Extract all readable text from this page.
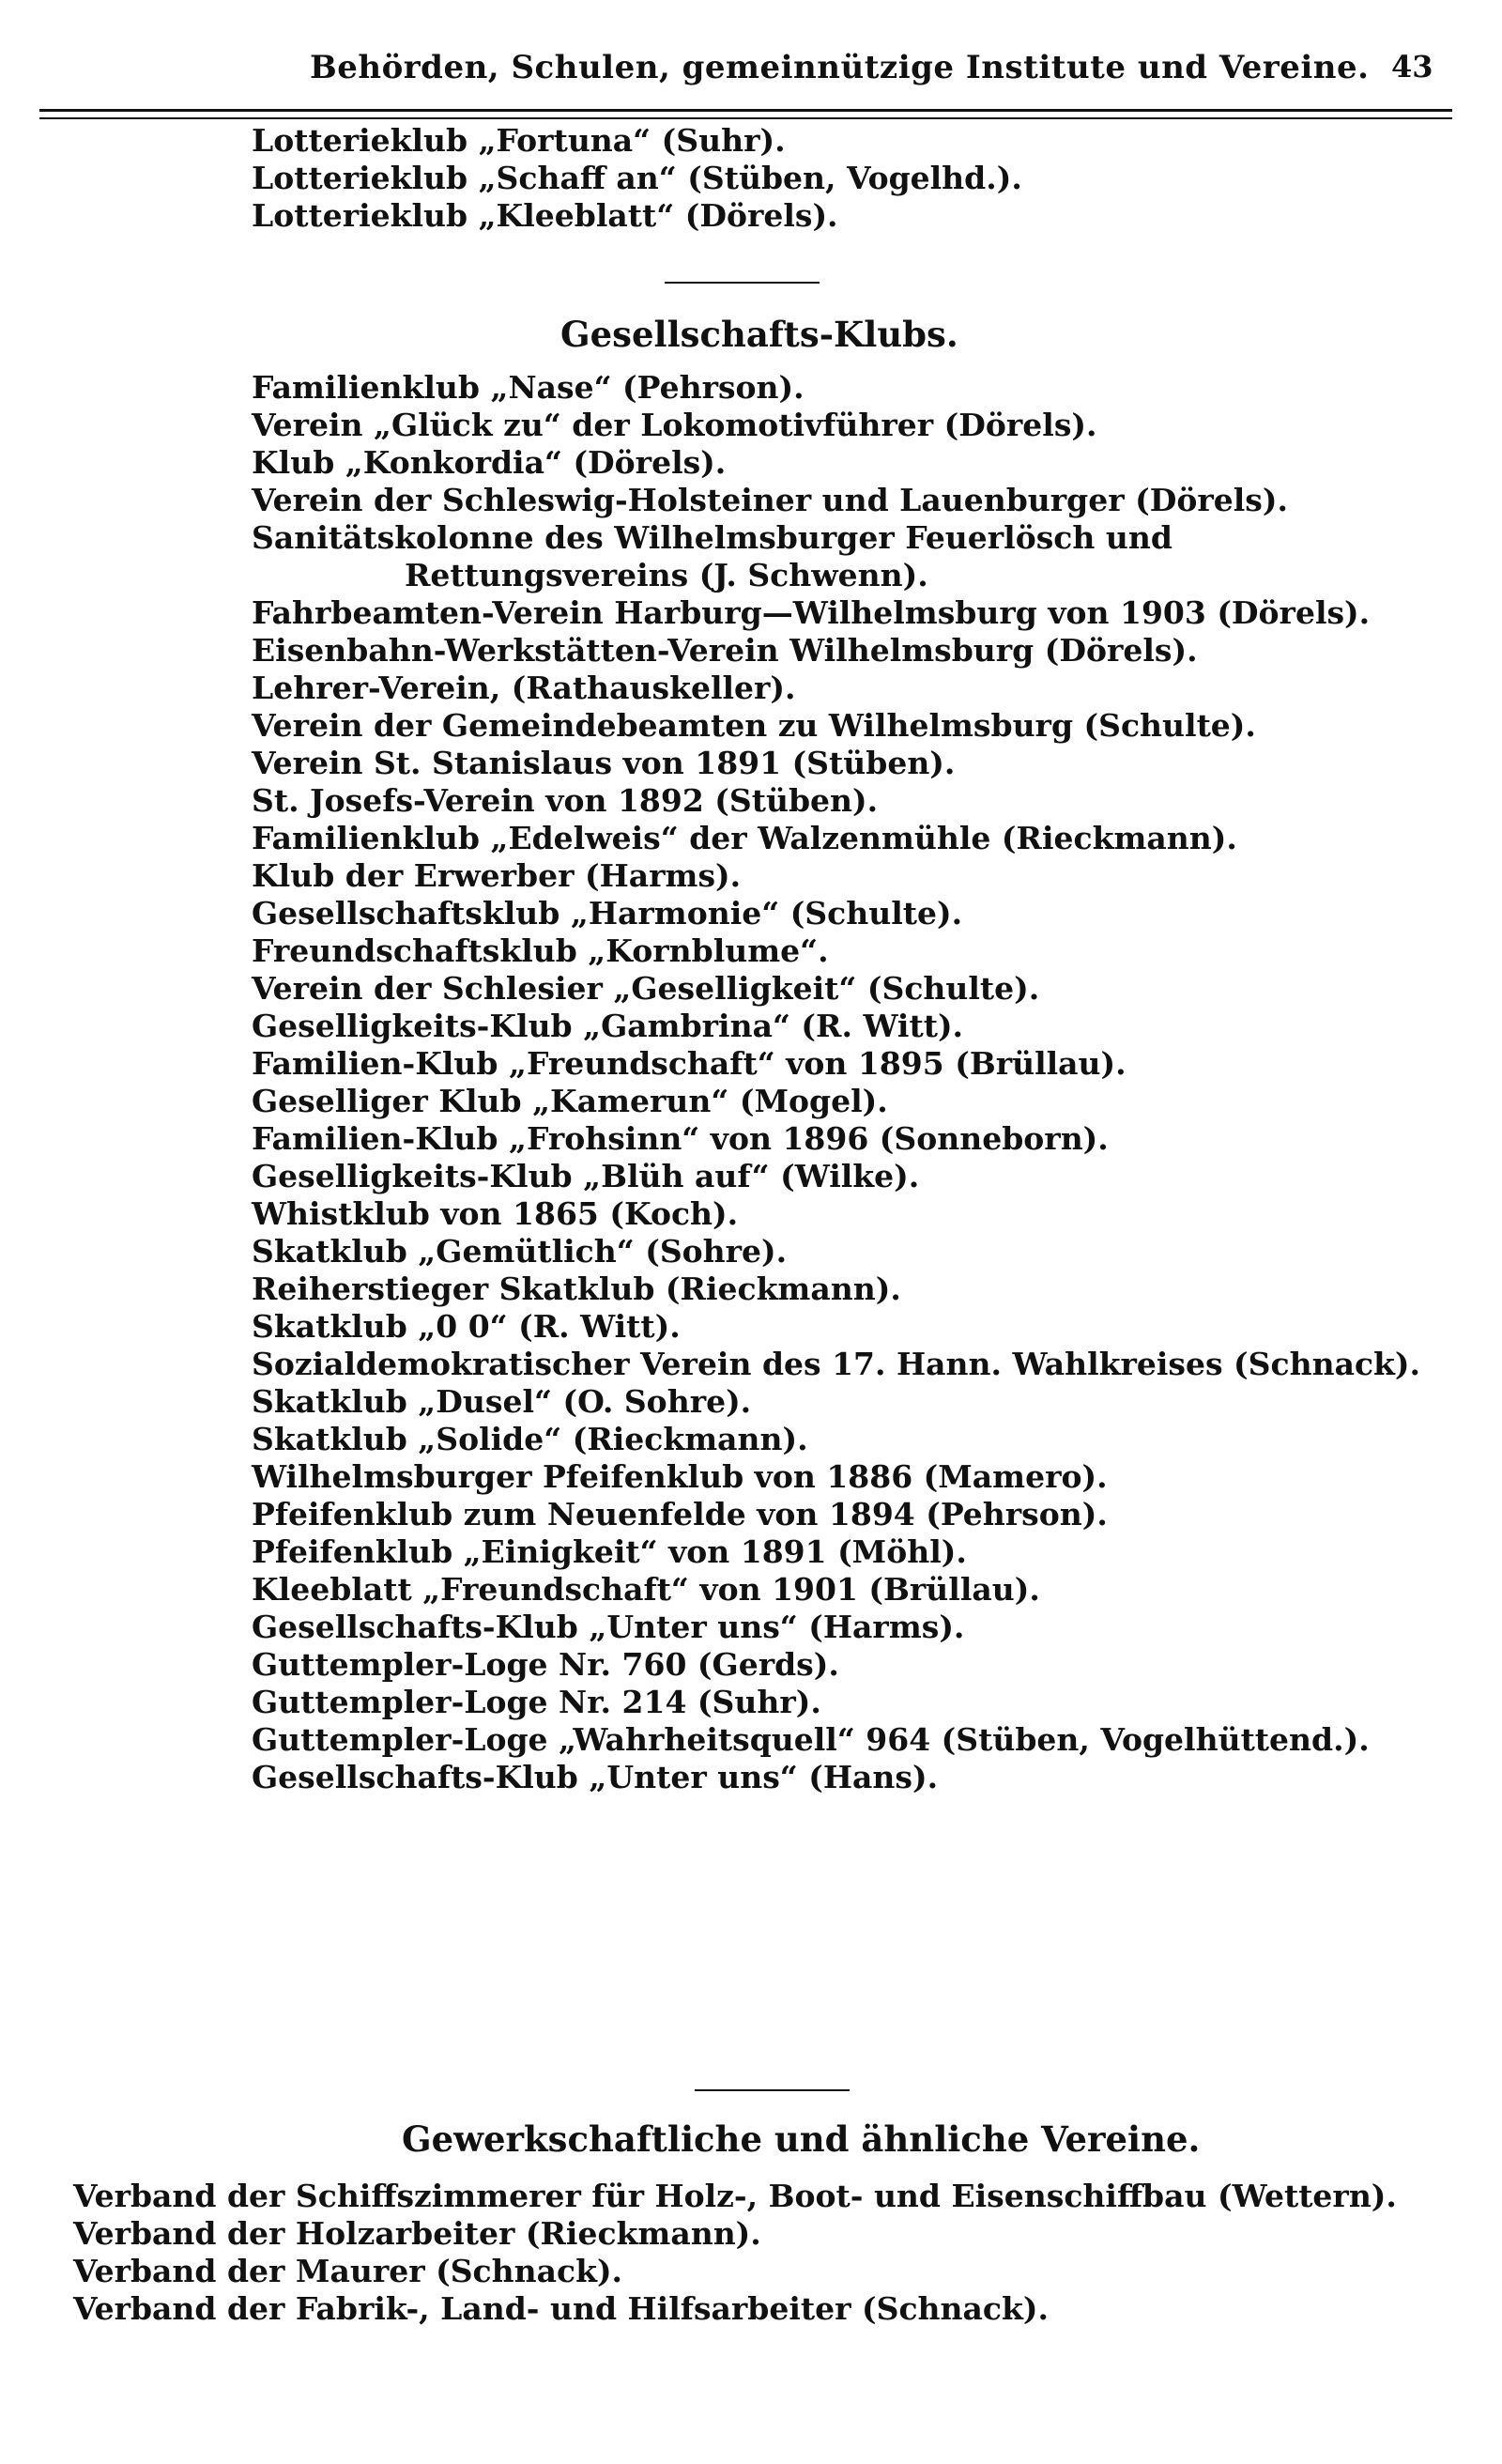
Behörden, Schulen, gemeinnützige Institute und Vereine. 43
Lotterieklub „Fortuna“ (Suhr).
Lotterieklub „Schaff an“ (Stüben, Vogelhd.).
Lotterieklub „Kleeblatt“ (Dörels).
Gesellschafts-Klubs.
Familienklub „Nase“ (Pehrson).
Verein „Glück zu“ der Lokomotivführer (Dörels).
Klub „Konkordia“ (Dörels).
Verein der Schleswig-Holsteiner und Lauenburger (Dörels).
Sanitätskolonne des Wilhelmsburger Feuerlösch und
Rettungsvereins (J. Schwenn).
Fahrbeamten-Verein Harburg—Wilhelmsburg von 1903 (Dörels).
Eisenbahn-Werkstätten-Verein Wilhelmsburg (Dörels).
Lehrer-Verein, (Rathauskeller).
Verein der Gemeindebeamten zu Wilhelmsburg (Schulte).
Verein St. Stanislaus von 1891 (Stüben).
St. Josefs-Verein von 1892 (Stüben).
Familienklub „Edelweis“ der Walzenmühle (Rieckmann).
Klub der Erwerber (Harms).
Gesellschaftsklub „Harmonie“ (Schulte).
Freundschaftsklub „Kornblume“.
Verein der Schlesier „Geselligkeit“ (Schulte).
Geselligkeits-Klub „Gambrina“ (R. Witt).
Familien-Klub „Freundschaft“ von 1895 (Brüllau).
Geselliger Klub „Kamerun“ (Mogel).
Familien-Klub „Frohsinn“ von 1896 (Sonneborn).
Geselligkeits-Klub „Blüh auf“ (Wilke).
Whistklub von 1865 (Koch).
Skatklub „Gemütlich“ (Sohre).
Reiherstieger Skatklub (Rieckmann).
Skatklub „0 0“ (R. Witt).
Sozialdemokratischer Verein des 17. Hann. Wahlkreises (Schnack).
Skatklub „Dusel“ (O. Sohre).
Skatklub „Solide“ (Rieckmann).
Wilhelmsburger Pfeifenklub von 1886 (Mamero).
Pfeifenklub zum Neuenfelde von 1894 (Pehrson).
Pfeifenklub „Einigkeit“ von 1891 (Möhl).
Kleeblatt „Freundschaft“ von 1901 (Brüllau).
Gesellschafts-Klub „Unter uns“ (Harms).
Guttempler-Loge Nr. 760 (Gerds).
Guttempler-Loge Nr. 214 (Suhr).
Guttempler-Loge „Wahrheitsquell“ 964 (Stüben, Vogelhüttend.).
Gesellschafts-Klub „Unter uns“ (Hans).
Gewerkschaftliche und ähnliche Vereine.
Verband der Schiffszimmerer für Holz-, Boot- und Eisenschiffbau (Wettern).
Verband der Holzarbeiter (Rieckmann).
Verband der Maurer (Schnack).
Verband der Fabrik-, Land- und Hilfsarbeiter (Schnack).
